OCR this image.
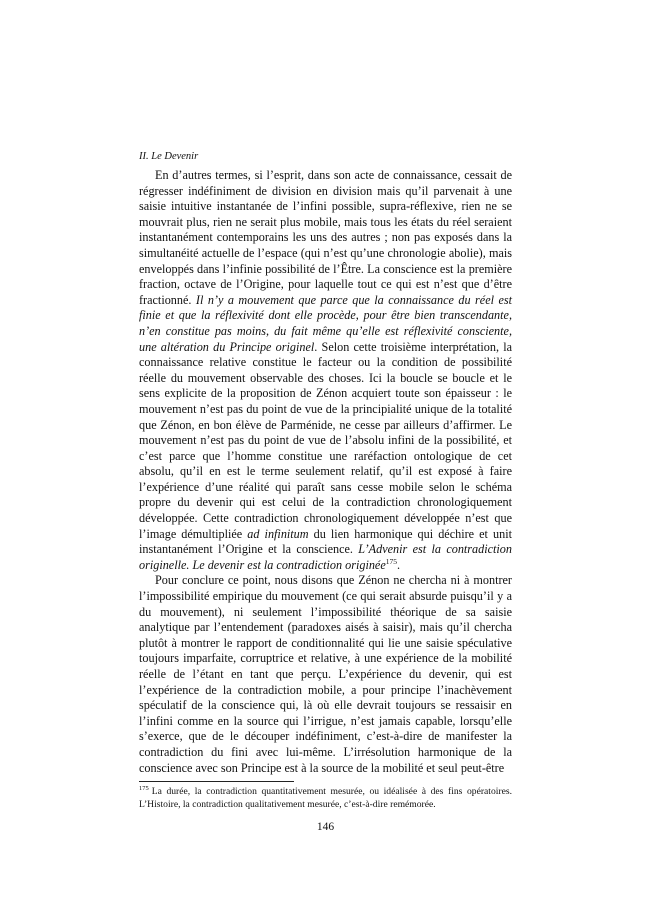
II. Le Devenir

En d’autres termes, si l’esprit, dans son acte de connaissance, cessait de régresser indéfiniment de division en division mais qu’il parvenait à une saisie intuitive instantanée de l’infini possible, supra-réflexive, rien ne se mouvrait plus, rien ne serait plus mobile, mais tous les états du réel seraient instantanément contemporains les uns des autres ; non pas exposés dans la simultanéité actuelle de l’espace (qui n’est qu’une chronologie abolie), mais enveloppés dans l’infinie possibilité de l’Être. La conscience est la première fraction, octave de l’Origine, pour laquelle tout ce qui est n’est que d’être fractionné. Il n’y a mouvement que parce que la connaissance du réel est finie et que la réflexivité dont elle procède, pour être bien transcendante, n’en constitue pas moins, du fait même qu’elle est réflexivité consciente, une altération du Principe originel. Selon cette troisième interprétation, la connaissance relative constitue le facteur ou la condition de possibilité réelle du mouvement observable des choses. Ici la boucle se boucle et le sens explicite de la proposition de Zénon acquiert toute son épaisseur : le mouvement n’est pas du point de vue de la principialité unique de la totalité que Zénon, en bon élève de Parménide, ne cesse par ailleurs d’affirmer. Le mouvement n’est pas du point de vue de l’absolu infini de la possibilité, et c’est parce que l’homme constitue une raréfaction ontologique de cet absolu, qu’il en est le terme seulement relatif, qu’il est exposé à faire l’expérience d’une réalité qui paraît sans cesse mobile selon le schéma propre du devenir qui est celui de la contradiction chronologiquement développée. Cette contradiction chronologiquement développée n’est que l’image démultipliée ad infinitum du lien harmonique qui déchire et unit instantanément l’Origine et la conscience. L’Advenir est la contradiction originelle. Le devenir est la contradiction originée$^{175}$.

Pour conclure ce point, nous disons que Zénon ne chercha ni à montrer l’impossibilité empirique du mouvement (ce qui serait absurde puisqu’il y a du mouvement), ni seulement l’impossibilité théorique de sa saisie analytique par l’entendement (paradoxes aisés à saisir), mais qu’il chercha plutôt à montrer le rapport de conditionnalité qui lie une saisie spéculative toujours imparfaite, corruptrice et relative, à une expérience de la mobilité réelle de l’étant en tant que perçu. L’expérience du devenir, qui est l’expérience de la contradiction mobile, a pour principe l’inachèvement spéculatif de la conscience qui, là où elle devrait toujours se ressaisir en l’infini comme en la source qui l’irrigue, n’est jamais capable, lorsqu’elle s’exerce, que de le découper indéfiniment, c’est-à-dire de manifester la contradiction du fini avec lui-même. L’irrésolution harmonique de la conscience avec son Principe est à la source de la mobilité et seul peut-être

$^{175}$ La durée, la contradiction quantitativement mesurée, ou idéalisée à des fins opératoires. L’Histoire, la contradiction qualitativement mesurée, c’est-à-dire remémorée.
146
